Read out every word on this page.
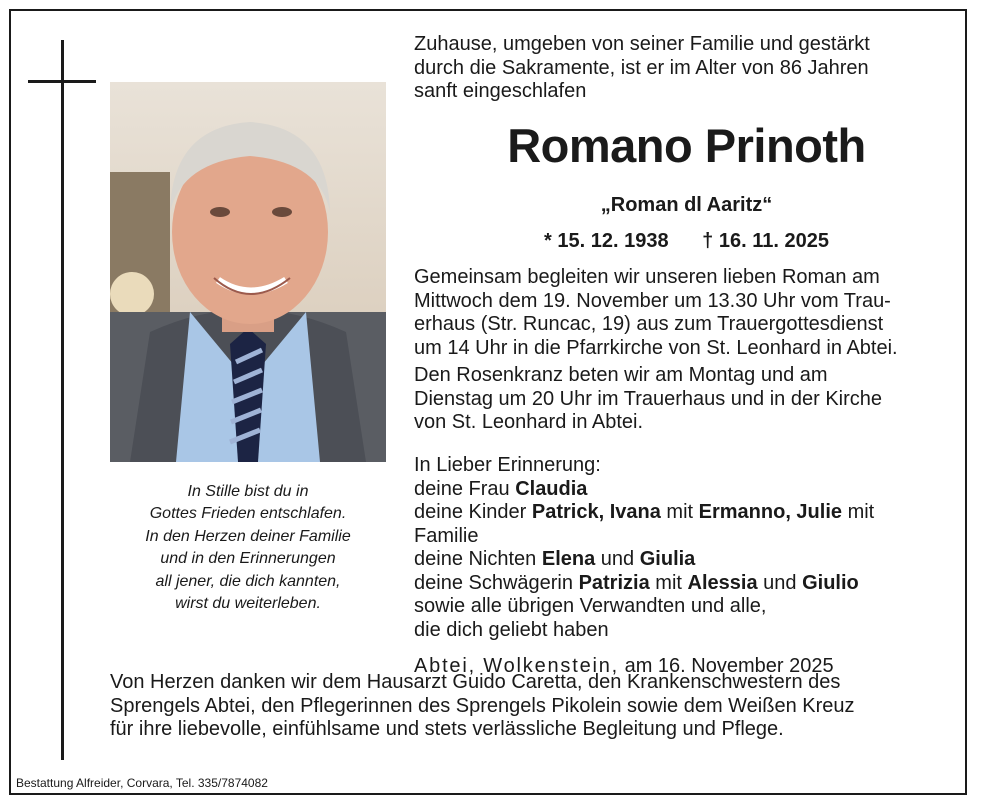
In Stille bist du in
Gottes Frieden entschlafen.
In den Herzen deiner Familie
und in den Erinnerungen
all jener, die dich kannten,
wirst du weiterleben.
Zuhause, umgeben von seiner Familie und gestärkt
durch die Sakramente, ist er im Alter von 86 Jahren
sanft eingeschlafen
Romano Prinoth
„Roman dl Aaritz“
* 15. 12. 1938 † 16. 11. 2025
Gemeinsam begleiten wir unseren lieben Roman am
Mittwoch dem 19. November um 13.30 Uhr vom Trau-
erhaus (Str. Runcac, 19) aus zum Trauergottesdienst
um 14 Uhr in die Pfarrkirche von St. Leonhard in Abtei.
Den Rosenkranz beten wir am Montag und am
Dienstag um 20 Uhr im Trauerhaus und in der Kirche
von St. Leonhard in Abtei.
In Lieber Erinnerung:
deine Frau Claudia
deine Kinder Patrick, Ivana mit Ermanno, Julie mit
Familie
deine Nichten Elena und Giulia
deine Schwägerin Patrizia mit Alessia und Giulio
sowie alle übrigen Verwandten und alle,
die dich geliebt haben
Abtei, Wolkenstein, am 16. November 2025
Von Herzen danken wir dem Hausarzt Guido Caretta, den Krankenschwestern des
Sprengels Abtei, den Pflegerinnen des Sprengels Pikolein sowie dem Weißen Kreuz
für ihre liebevolle, einfühlsame und stets verlässliche Begleitung und Pflege.
Bestattung Alfreider, Corvara, Tel. 335/7874082
